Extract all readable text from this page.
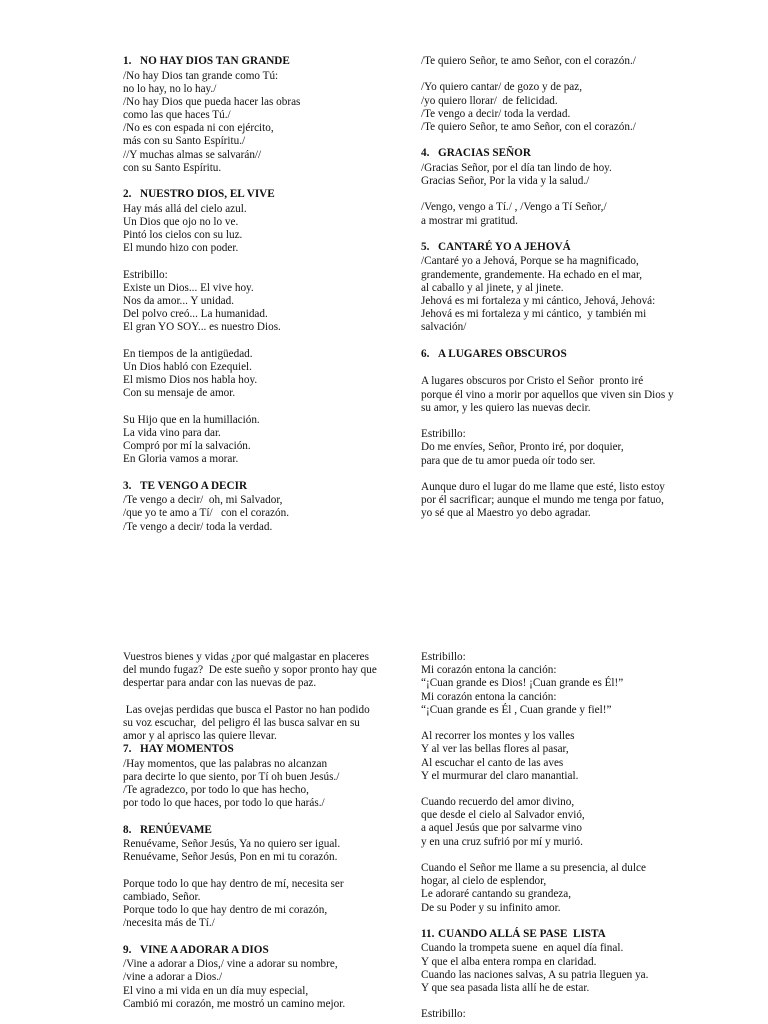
1. NO HAY DIOS TAN GRANDE
/No hay Dios tan grande como Tú:
no lo hay, no lo hay./
/No hay Dios que pueda hacer las obras
como las que haces Tú./
/No es con espada ni con ejército,
más con su Santo Espíritu./
//Y muchas almas se salvarán//
con su Santo Espíritu.
2. NUESTRO DIOS, EL VIVE
Hay más allá del cielo azul.
Un Dios que ojo no lo ve.
Pintó los cielos con su luz.
El mundo hizo con poder.
Estribillo:
Existe un Dios... El vive hoy.
Nos da amor... Y unidad.
Del polvo creó... La humanidad.
El gran YO SOY... es nuestro Dios.
En tiempos de la antigüedad.
Un Dios habló con Ezequiel.
El mismo Dios nos habla hoy.
Con su mensaje de amor.
Su Hijo que en la humillación.
La vida vino para dar.
Compró por mí la salvación.
En Gloria vamos a morar.
3. TE VENGO A DECIR
/Te vengo a decir/  oh, mi Salvador,
/que yo te amo a Tí/   con el corazón.
/Te vengo a decir/ toda la verdad.
/Te quiero Señor, te amo Señor, con el corazón./
/Yo quiero cantar/ de gozo y de paz,
/yo quiero llorar/  de felicidad.
/Te vengo a decir/ toda la verdad.
/Te quiero Señor, te amo Señor, con el corazón./
4. GRACIAS SEÑOR
/Gracias Señor, por el día tan lindo de hoy.
Gracias Señor, Por la vida y la salud./
/Vengo, vengo a Tí./ , /Vengo a Tí Señor,/
a mostrar mi gratitud.
5. CANTARÉ YO A JEHOVÁ
/Cantaré yo a Jehová, Porque se ha magnificado,
grandemente, grandemente. Ha echado en el mar,
al caballo y al jinete, y al jinete.
Jehová es mi fortaleza y mi cántico, Jehová, Jehová:
Jehová es mi fortaleza y mi cántico,  y también mi
salvación/
6. A LUGARES OBSCUROS
A lugares obscuros por Cristo el Señor  pronto iré
porque él vino a morir por aquellos que viven sin Dios y
su amor, y les quiero las nuevas decir.
Estribillo:
Do me envíes, Señor, Pronto iré, por doquier,
para que de tu amor pueda oír todo ser.
Aunque duro el lugar do me llame que esté, listo estoy
por él sacrificar; aunque el mundo me tenga por fatuo,
yo sé que al Maestro yo debo agradar.
Vuestros bienes y vidas ¿por qué malgastar en placeres
del mundo fugaz?  De este sueño y sopor pronto hay que
despertar para andar con las nuevas de paz.
Las ovejas perdidas que busca el Pastor no han podido
su voz escuchar,  del peligro él las busca salvar en su
amor y al aprisco las quiere llevar.
7. HAY MOMENTOS
/Hay momentos, que las palabras no alcanzan
para decirte lo que siento, por Tí oh buen Jesús./
/Te agradezco, por todo lo que has hecho,
por todo lo que haces, por todo lo que harás./
8. RENÚEVAME
Renuévame, Señor Jesús, Ya no quiero ser igual.
Renuévame, Señor Jesús, Pon en mi tu corazón.
Porque todo lo que hay dentro de mí, necesita ser
cambiado, Señor.
Porque todo lo que hay dentro de mi corazón,
/necesita más de Tí./
9. VINE A ADORAR A DIOS
/Vine a adorar a Dios,/ vine a adorar su nombre,
/vine a adorar a Dios./
El vino a mi vida en un día muy especial,
Cambió mi corazón, me mostró un camino mejor.
Estribillo:
Mi corazón entona la canción:
“¡Cuan grande es Dios! ¡Cuan grande es Él!”
Mi corazón entona la canción:
“¡Cuan grande es Él , Cuan grande y fiel!”
Al recorrer los montes y los valles
Y al ver las bellas flores al pasar,
Al escuchar el canto de las aves
Y el murmurar del claro manantial.
Cuando recuerdo del amor divino,
que desde el cielo al Salvador envió,
a aquel Jesús que por salvarme vino
y en una cruz sufrió por mí y murió.
Cuando el Señor me llame a su presencia, al dulce
hogar, al cielo de esplendor,
Le adoraré cantando su grandeza,
De su Poder y su infinito amor.
11. CUANDO ALLÁ SE PASE  LISTA
Cuando la trompeta suene  en aquel día final.
Y que el alba entera rompa en claridad.
Cuando las naciones salvas, A su patria lleguen ya.
Y que sea pasada lista allí he de estar.
Estribillo:
